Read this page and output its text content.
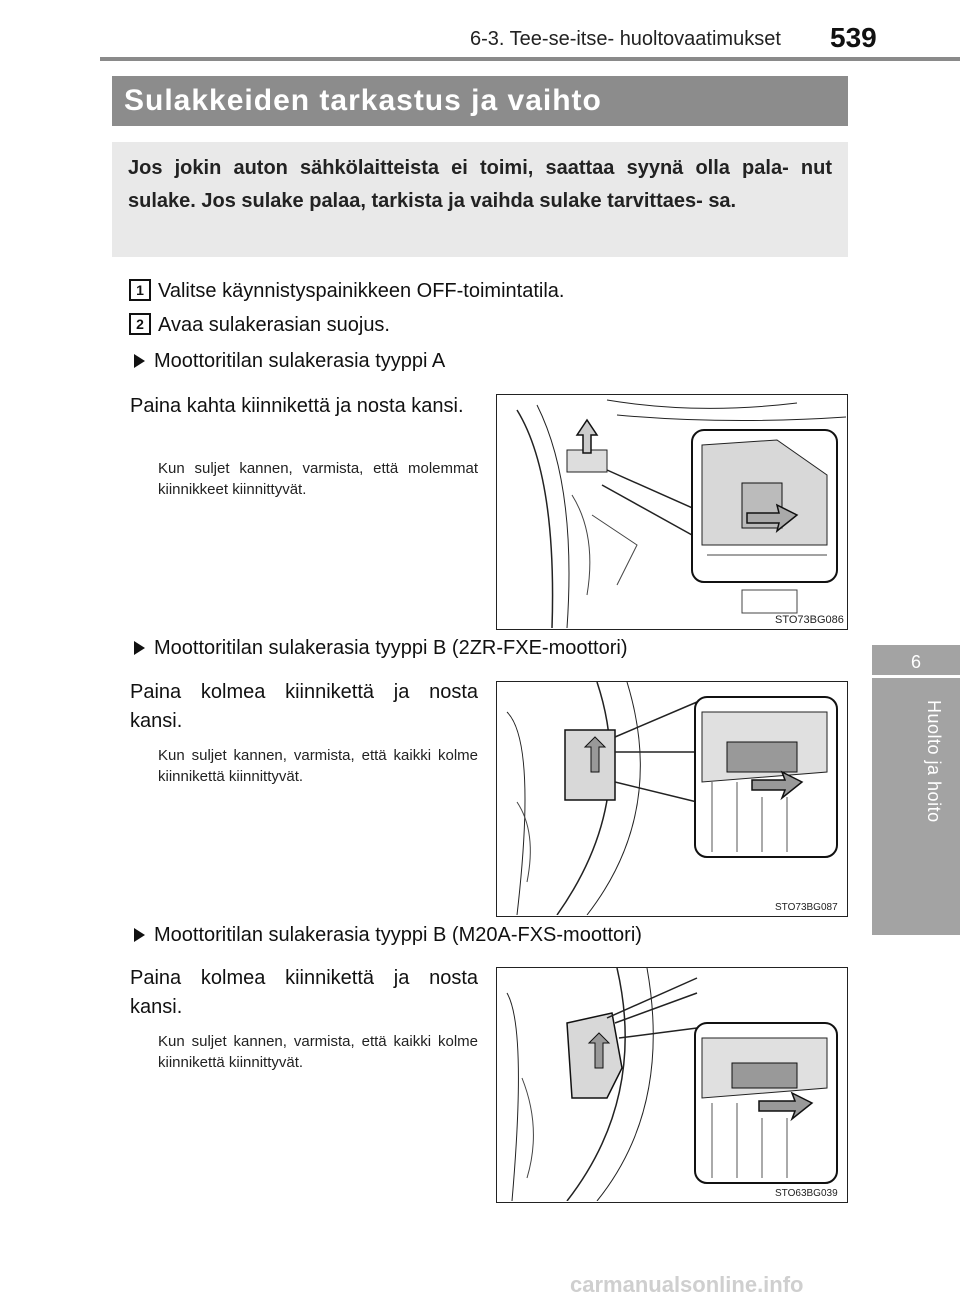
6-3. Tee-se-itse- huoltovaatimukset 539
6
Huolto ja hoito
Sulakkeiden tarkastus ja vaihto
Jos jokin auton sähkölaitteista ei toimi, saattaa syynä olla pala- nut sulake. Jos sulake palaa, tarkista ja vaihda sulake tarvittaes- sa.
1 Valitse käynnistyspainikkeen OFF-toimintatila.
2 Avaa sulakerasian suojus.
Moottoritilan sulakerasia tyyppi A
Paina kahta kiinnikettä ja nosta kansi.
Kun suljet kannen, varmista, että molemmat kiinnikkeet kiinnittyvät.
STO73BG086
Moottoritilan sulakerasia tyyppi B (2ZR-FXE-moottori)
Paina kolmea kiinnikettä ja nosta kansi.
Kun suljet kannen, varmista, että kaikki kolme kiinnikettä kiinnittyvät.
STO73BG087
Moottoritilan sulakerasia tyyppi B (M20A-FXS-moottori)
Paina kolmea kiinnikettä ja nosta kansi.
Kun suljet kannen, varmista, että kaikki kolme kiinnikettä kiinnittyvät.
STO63BG039
carmanualsonline.info
